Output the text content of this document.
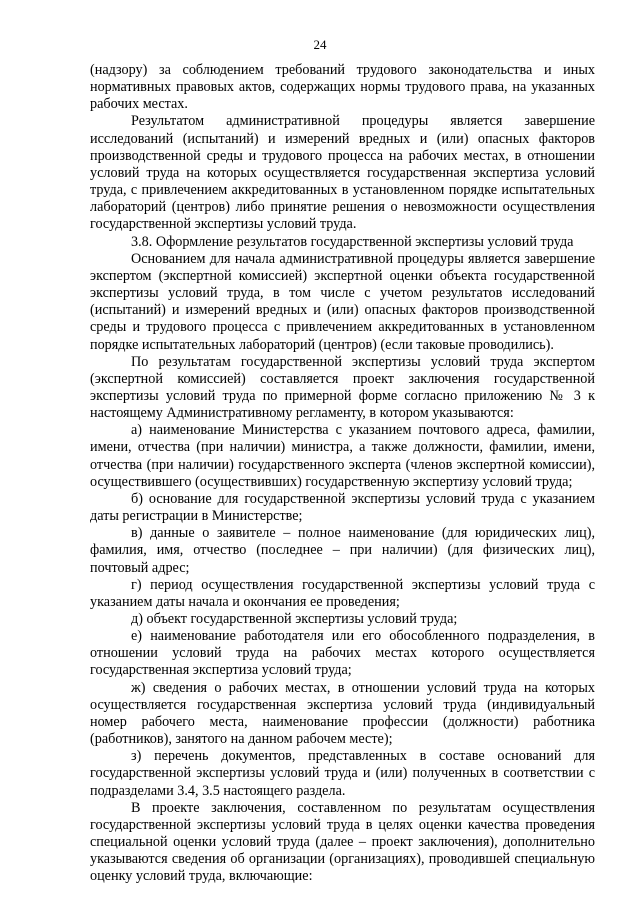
24

(надзору) за соблюдением требований трудового законодательства и иных нормативных правовых актов, содержащих нормы трудового права, на указанных рабочих местах.

Результатом административной процедуры является завершение исследований (испытаний) и измерений вредных и (или) опасных факторов производственной среды и трудового процесса на рабочих местах, в отношении условий труда на которых осуществляется государственная экспертиза условий труда, с привлечением аккредитованных в установленном порядке испытательных лабораторий (центров) либо принятие решения о невозможности осуществления государственной экспертизы условий труда.

3.8. Оформление результатов государственной экспертизы условий труда

Основанием для начала административной процедуры является завершение экспертом (экспертной комиссией) экспертной оценки объекта государственной экспертизы условий труда, в том числе с учетом результатов исследований (испытаний) и измерений вредных и (или) опасных факторов производственной среды и трудового процесса с привлечением аккредитованных в установленном порядке испытательных лабораторий (центров) (если таковые проводились).

По результатам государственной экспертизы условий труда экспертом (экспертной комиссией) составляется проект заключения государственной экспертизы условий труда по примерной форме согласно приложению № 3 к настоящему Административному регламенту, в котором указываются:

а) наименование Министерства с указанием почтового адреса, фамилии, имени, отчества (при наличии) министра, а также должности, фамилии, имени, отчества (при наличии) государственного эксперта (членов экспертной комиссии), осуществившего (осуществивших) государственную экспертизу условий труда;

б) основание для государственной экспертизы условий труда с указанием даты регистрации в Министерстве;

в) данные о заявителе – полное наименование (для юридических лиц), фамилия, имя, отчество (последнее – при наличии) (для физических лиц), почтовый адрес;

г) период осуществления государственной экспертизы условий труда с указанием даты начала и окончания ее проведения;

д) объект государственной экспертизы условий труда;

е) наименование работодателя или его обособленного подразделения, в отношении условий труда на рабочих местах которого осуществляется государственная экспертиза условий труда;

ж) сведения о рабочих местах, в отношении условий труда на которых осуществляется государственная экспертиза условий труда (индивидуальный номер рабочего места, наименование профессии (должности) работника (работников), занятого на данном рабочем месте);

з) перечень документов, представленных в составе оснований для государственной экспертизы условий труда и (или) полученных в соответствии с подразделами 3.4, 3.5 настоящего раздела.

В проекте заключения, составленном по результатам осуществления государственной экспертизы условий труда в целях оценки качества проведения специальной оценки условий труда (далее – проект заключения), дополнительно указываются сведения об организации (организациях), проводившей специальную оценку условий труда, включающие:
